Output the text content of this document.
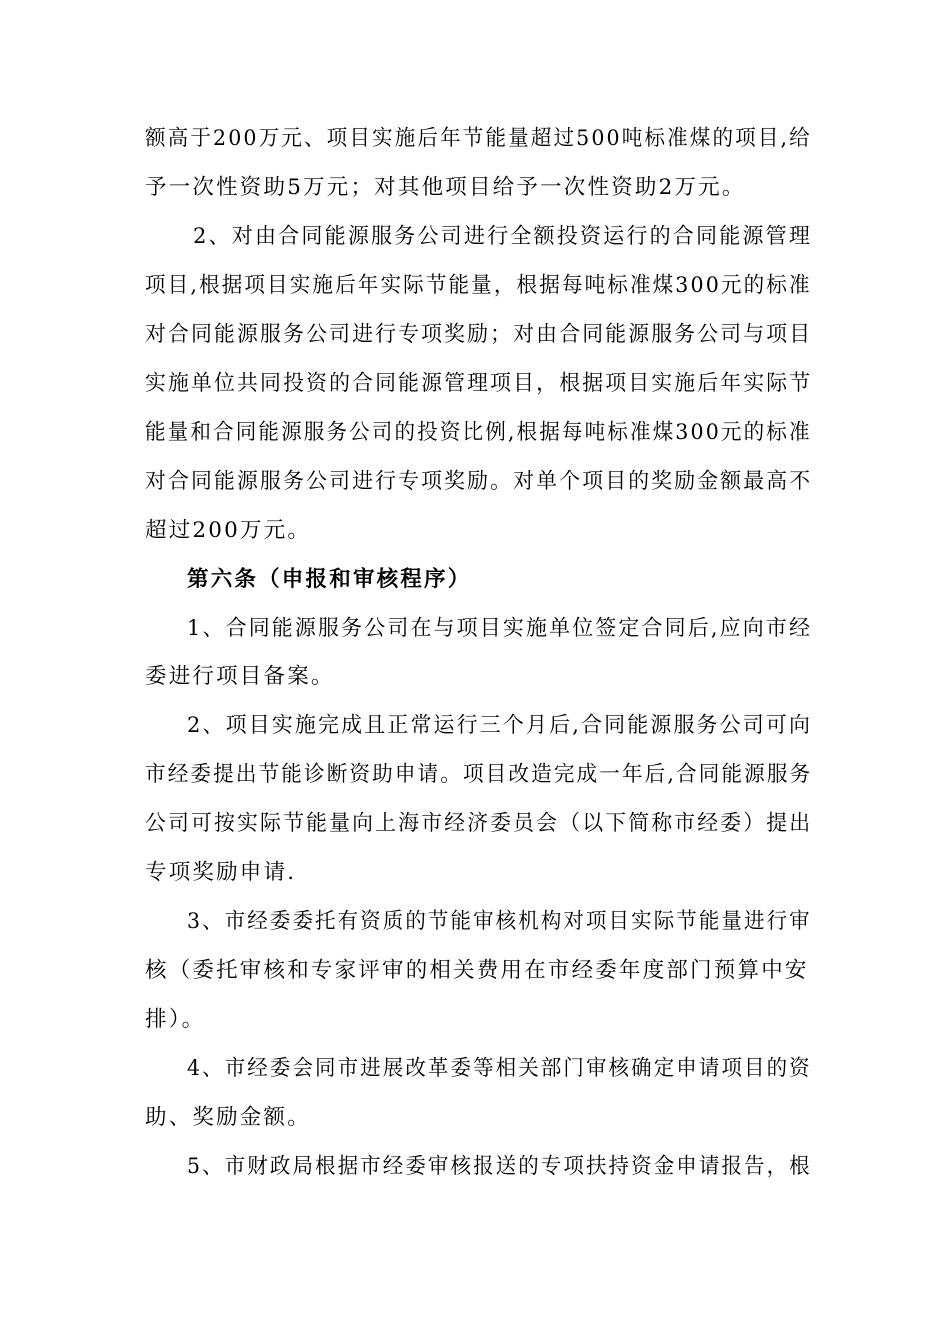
额高于200万元、项目实施后年节能量超过500吨标准煤的项目,给
予一次性资助5万元；对其他项目给予一次性资助2万元。
2、对由合同能源服务公司进行全额投资运行的合同能源管理
项目,根据项目实施后年实际节能量，根据每吨标准煤300元的标准
对合同能源服务公司进行专项奖励；对由合同能源服务公司与项目
实施单位共同投资的合同能源管理项目，根据项目实施后年实际节
能量和合同能源服务公司的投资比例,根据每吨标准煤300元的标准
对合同能源服务公司进行专项奖励。对单个项目的奖励金额最高不
超过200万元。
第六条（申报和审核程序）
1、合同能源服务公司在与项目实施单位签定合同后,应向市经
委进行项目备案。
2、项目实施完成且正常运行三个月后,合同能源服务公司可向
市经委提出节能诊断资助申请。项目改造完成一年后,合同能源服务
公司可按实际节能量向上海市经济委员会（以下简称市经委）提出
专项奖励申请.
3、市经委委托有资质的节能审核机构对项目实际节能量进行审
核（委托审核和专家评审的相关费用在市经委年度部门预算中安
排）。
4、市经委会同市进展改革委等相关部门审核确定申请项目的资
助、奖励金额。
5、市财政局根据市经委审核报送的专项扶持资金申请报告，根
